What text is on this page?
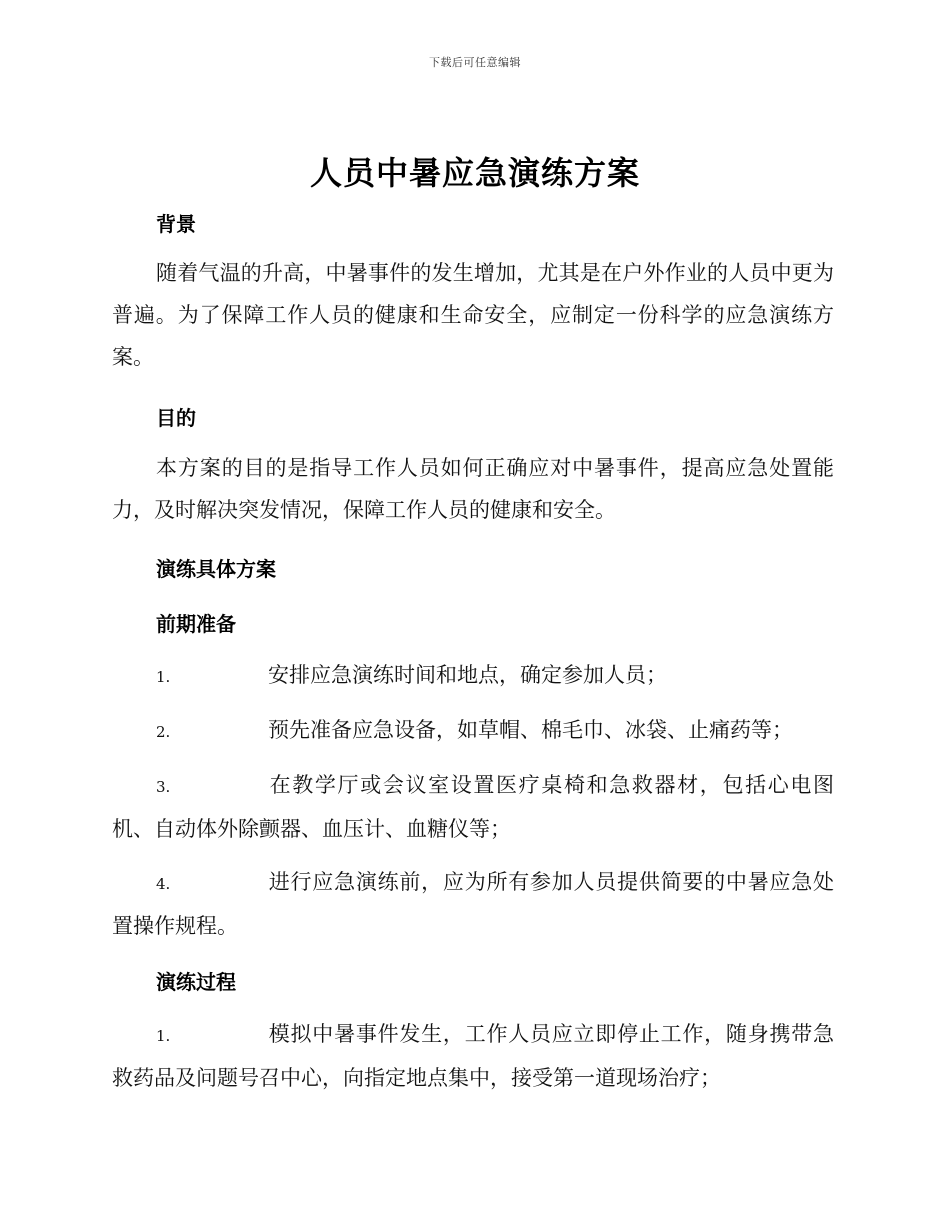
下载后可任意编辑
人员中暑应急演练方案
背景
随着气温的升高，中暑事件的发生增加，尤其是在户外作业的人员中更为普遍。为了保障工作人员的健康和生命安全，应制定一份科学的应急演练方案。
目的
本方案的目的是指导工作人员如何正确应对中暑事件，提高应急处置能力，及时解决突发情况，保障工作人员的健康和安全。
演练具体方案
前期准备
1.	安排应急演练时间和地点，确定参加人员；
2.	预先准备应急设备，如草帽、棉毛巾、冰袋、止痛药等；
3.	在教学厅或会议室设置医疗桌椅和急救器材，包括心电图机、自动体外除颤器、血压计、血糖仪等；
4.	进行应急演练前，应为所有参加人员提供简要的中暑应急处置操作规程。
演练过程
1.	模拟中暑事件发生，工作人员应立即停止工作，随身携带急救药品及问题号召中心，向指定地点集中，接受第一道现场治疗；
